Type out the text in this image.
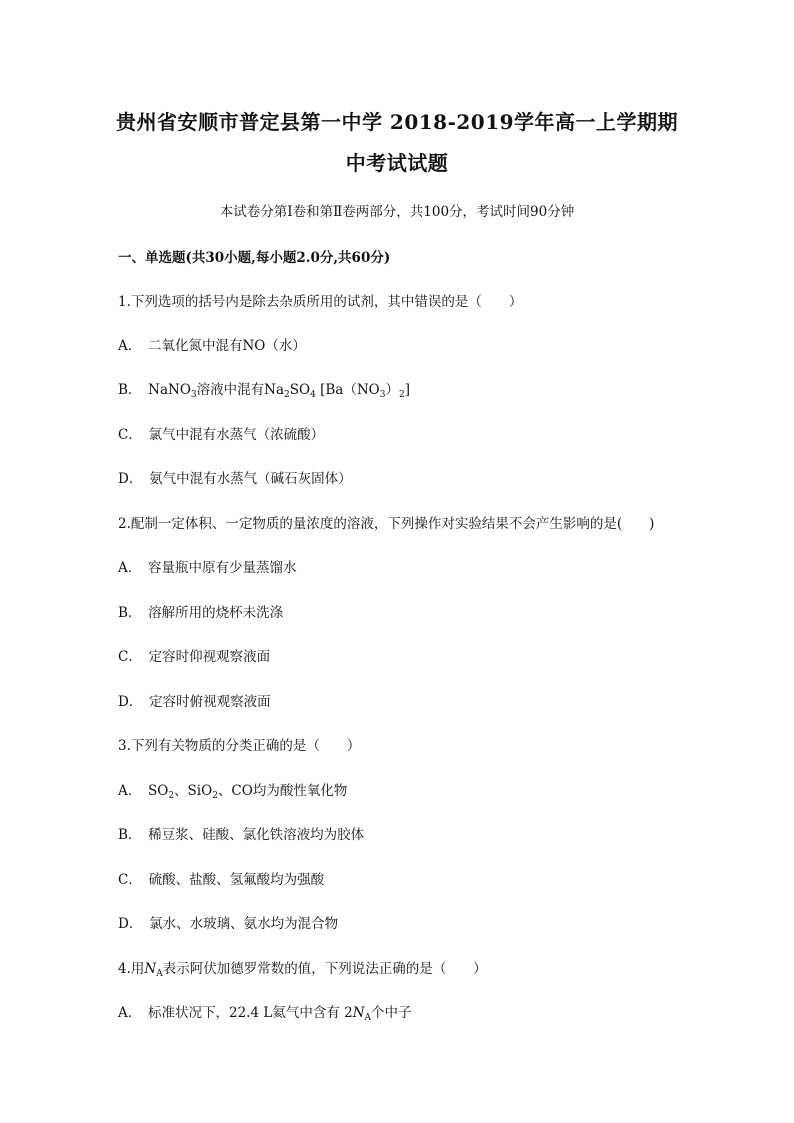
贵州省安顺市普定县第一中学 2018-2019学年高一上学期期
中考试试题
本试卷分第Ⅰ卷和第Ⅱ卷两部分，共100分，考试时间90分钟
一、单选题(共30小题,每小题2.0分,共60分)
1.下列选项的括号内是除去杂质所用的试剂，其中错误的是（　　）
A．　二氧化氮中混有NO（水）
B．　NaNO$_3$溶液中混有$Na_2SO_4$ $[Ba(NO_3)_2]$
C．　氯气中混有水蒸气（浓硫酸）
D．　氨气中混有水蒸气（碱石灰固体）
2.配制一定体积、一定物质的量浓度的溶液，下列操作对实验结果不会产生影响的是(　　)
A．　容量瓶中原有少量蒸馏水
B．　溶解所用的烧杯未洗涤
C．　定容时仰视观察液面
D．　定容时俯视观察液面
3.下列有关物质的分类正确的是（　　）
A．　$SO_2$、SiO$_2$、CO均为酸性氧化物
B．　稀豆浆、硅酸、氯化铁溶液均为胶体
C．　硫酸、盐酸、氢氟酸均为强酸
D．　氯水、水玻璃、氨水均为混合物
4.用$N_A$表示阿伏加德罗常数的值，下列说法正确的是（　　）
A．　标准状况下，22.4 L氦气中含有 $2N_A$个中子
